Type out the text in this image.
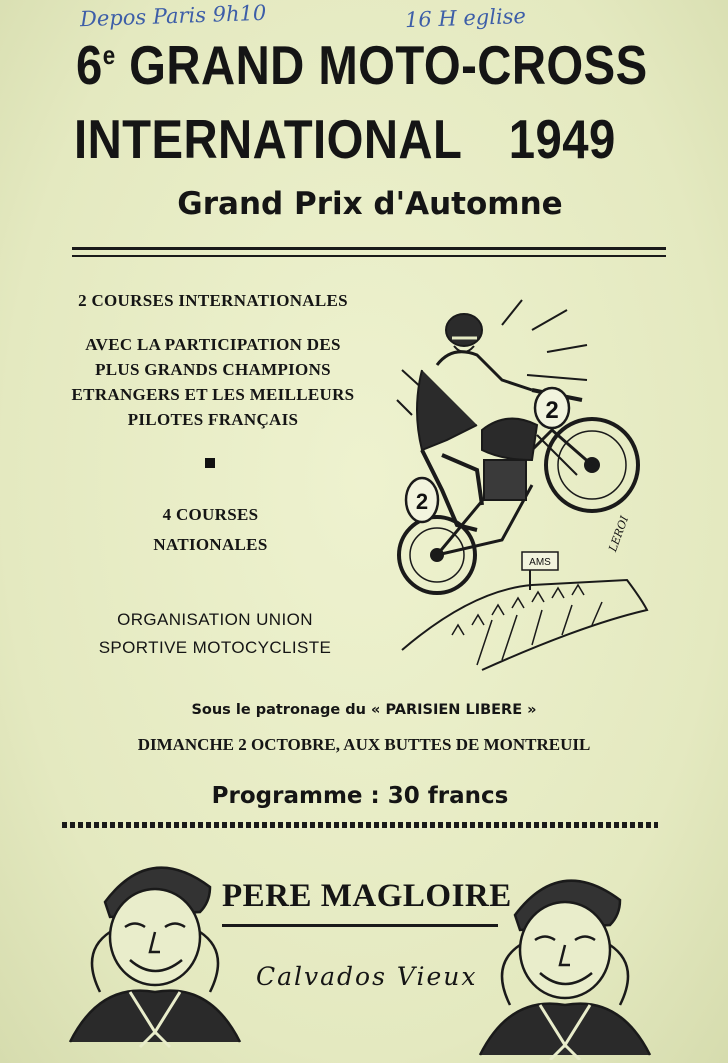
Depos Paris 9h10	16 H eglise
6e GRAND MOTO-CROSS
INTERNATIONAL 1949
Grand Prix d'Automne
2 COURSES INTERNATIONALES
AVEC LA PARTICIPATION DES
PLUS GRANDS CHAMPIONS
ETRANGERS ET LES MEILLEURS
PILOTES FRANÇAIS
4 COURSES
NATIONALES
ORGANISATION UNION
SPORTIVE MOTOCYCLISTE
2
2
AMS
LEROI
Sous le patronage du « PARISIEN LIBERE »
DIMANCHE 2 OCTOBRE, AUX BUTTES DE MONTREUIL
Programme : 30 francs
PERE MAGLOIRE
Calvados Vieux
